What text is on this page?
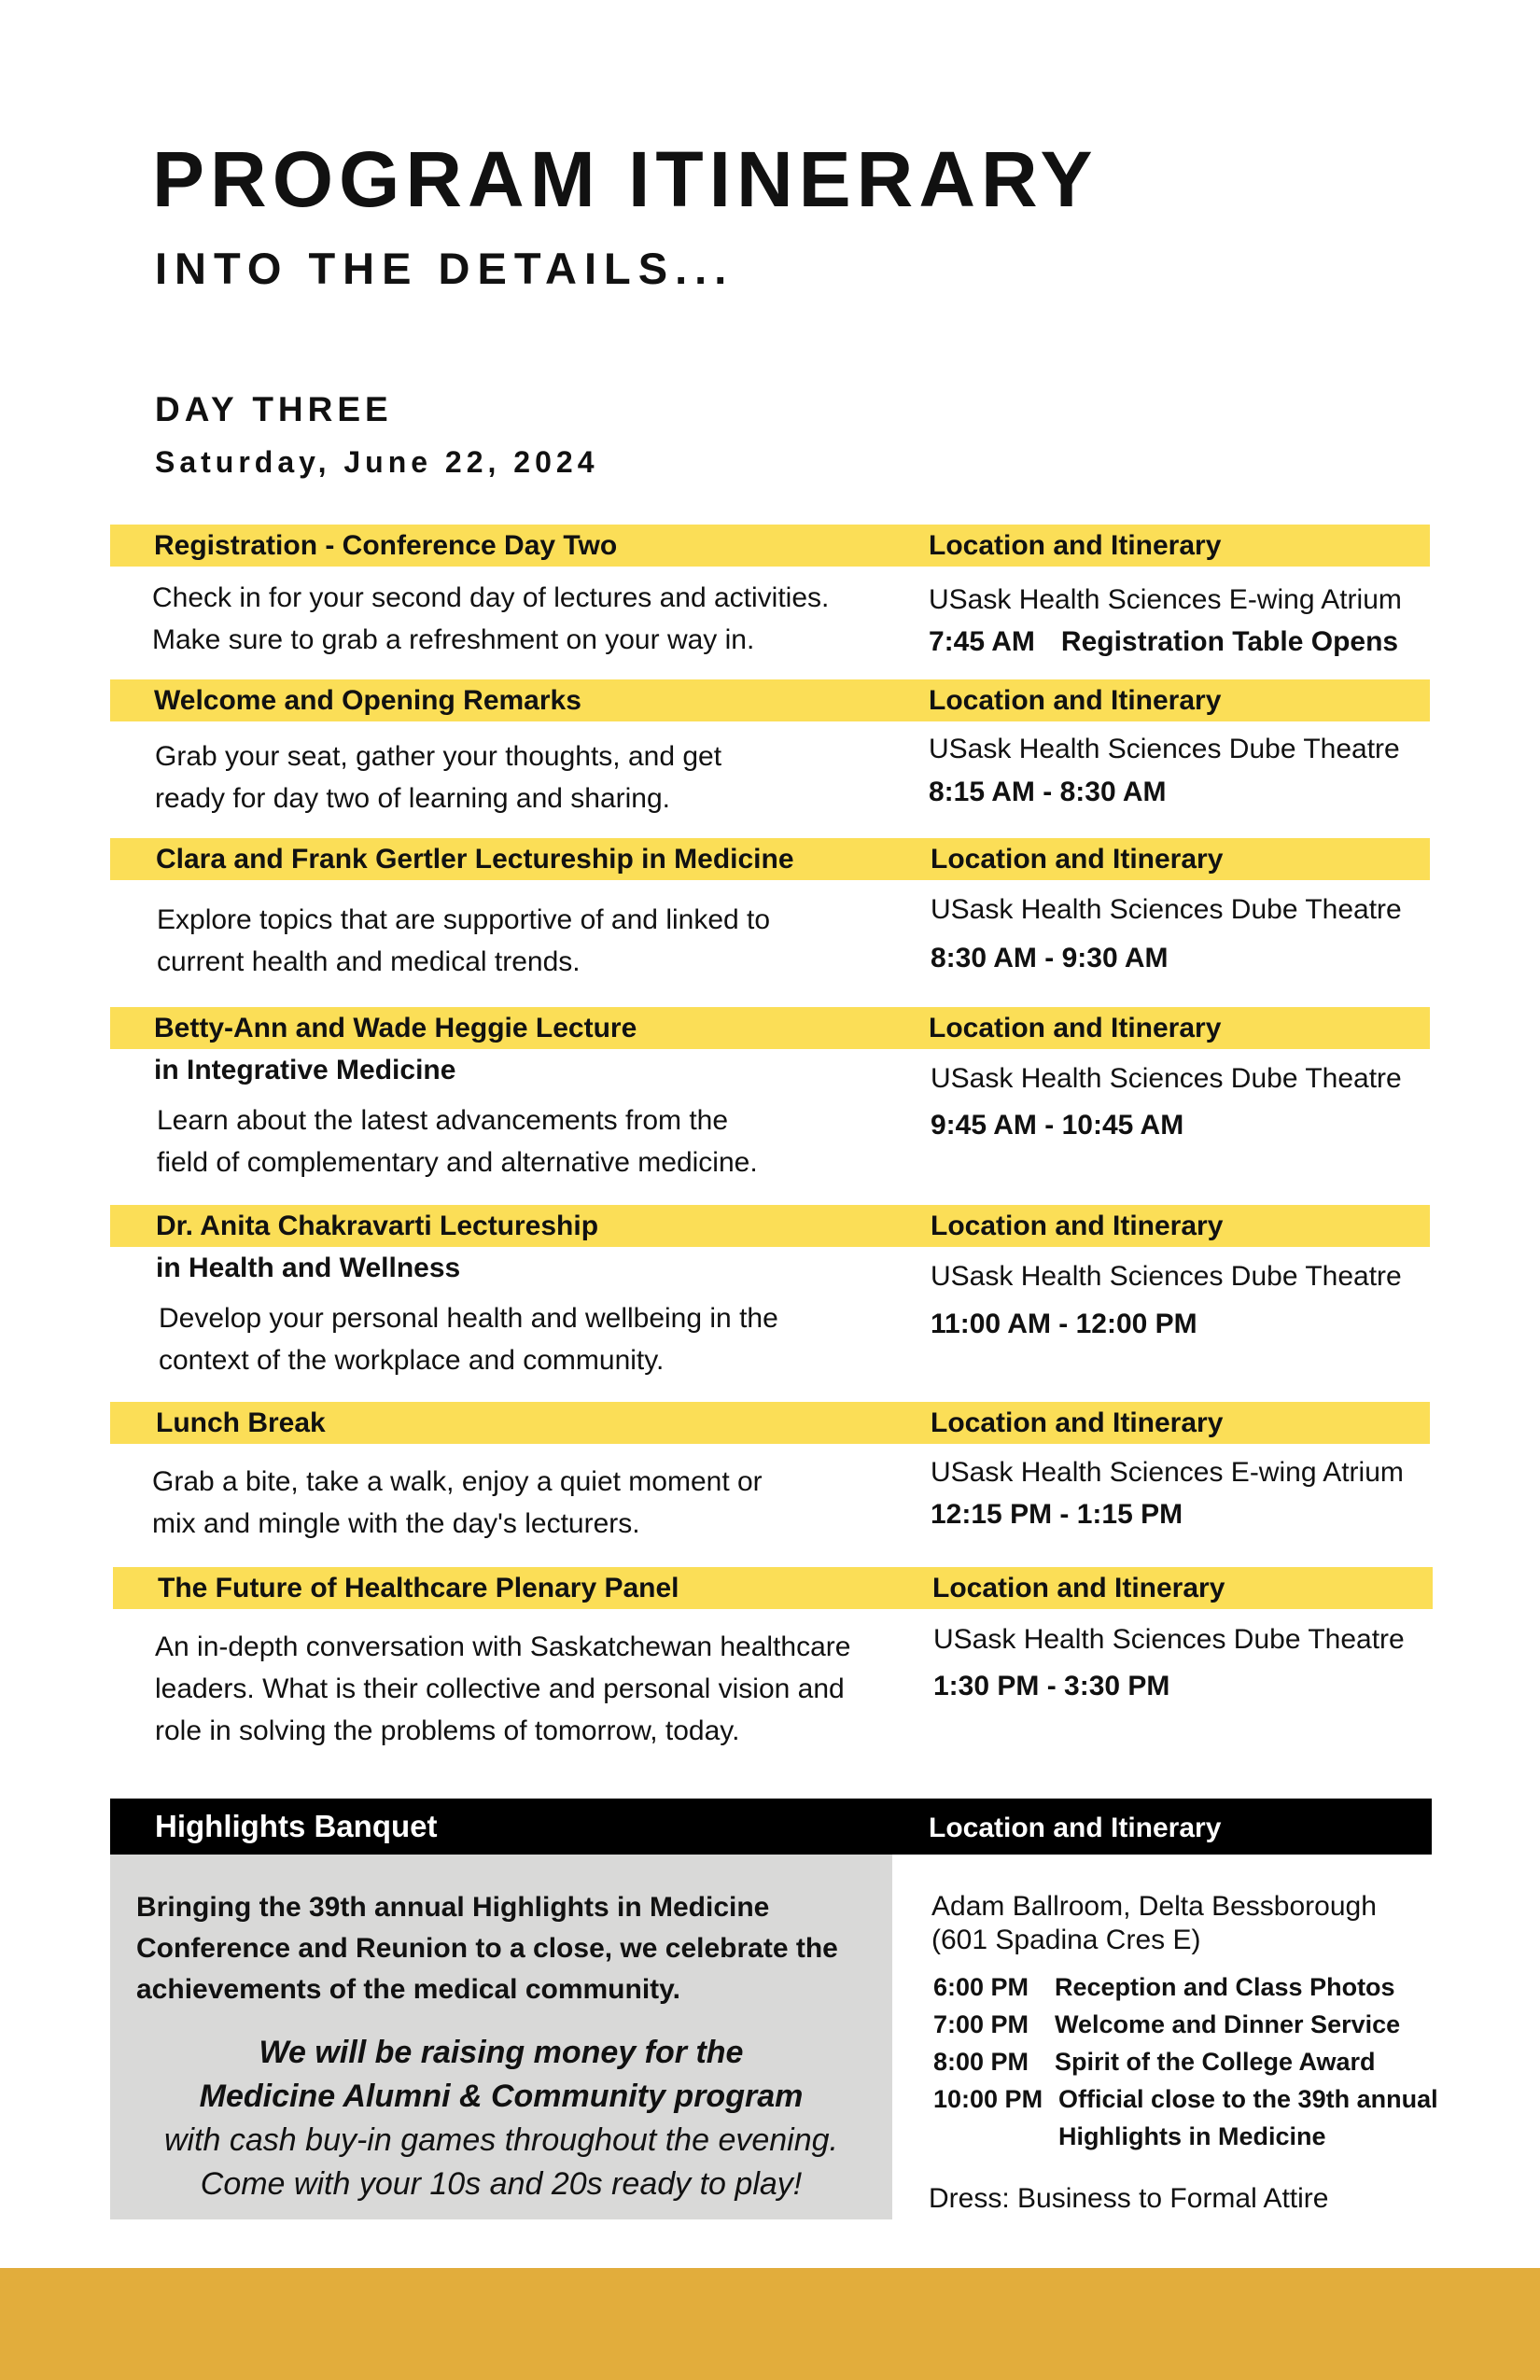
PROGRAM ITINERARY
INTO THE DETAILS...
DAY THREE
Saturday, June 22, 2024
Registration - Conference Day Two	Location and Itinerary
Check in for your second day of lectures and activities.
Make sure to grab a refreshment on your way in.
USask Health Sciences E-wing Atrium
7:45 AM Registration Table Opens
Welcome and Opening Remarks	Location and Itinerary
Grab your seat, gather your thoughts, and get
ready for day two of learning and sharing.
USask Health Sciences Dube Theatre
8:15 AM - 8:30 AM
Clara and Frank Gertler Lectureship in Medicine	Location and Itinerary
Explore topics that are supportive of and linked to
current health and medical trends.
USask Health Sciences Dube Theatre
8:30 AM - 9:30 AM
Betty-Ann and Wade Heggie Lecture	Location and Itinerary
in Integrative Medicine
Learn about the latest advancements from the
field of complementary and alternative medicine.
USask Health Sciences Dube Theatre
9:45 AM - 10:45 AM
Dr. Anita Chakravarti Lectureship	Location and Itinerary
in Health and Wellness
Develop your personal health and wellbeing in the
context of the workplace and community.
USask Health Sciences Dube Theatre
11:00 AM - 12:00 PM
Lunch Break	Location and Itinerary
Grab a bite, take a walk, enjoy a quiet moment or
mix and mingle with the day's lecturers.
USask Health Sciences E-wing Atrium
12:15 PM - 1:15 PM
The Future of Healthcare Plenary Panel	Location and Itinerary
An in-depth conversation with Saskatchewan healthcare
leaders. What is their collective and personal vision and
role in solving the problems of tomorrow, today.
USask Health Sciences Dube Theatre
1:30 PM - 3:30 PM
Highlights Banquet	Location and Itinerary
Bringing the 39th annual Highlights in Medicine Conference and Reunion to a close, we celebrate the achievements of the medical community.
We will be raising money for the
Medicine Alumni & Community program
with cash buy-in games throughout the evening.
Come with your 10s and 20s ready to play!
Adam Ballroom, Delta Bessborough
(601 Spadina Cres E)
6:00 PM Reception and Class Photos
7:00 PM Welcome and Dinner Service
8:00 PM Spirit of the College Award
10:00 PM Official close to the 39th annual
Highlights in Medicine
Dress: Business to Formal Attire
